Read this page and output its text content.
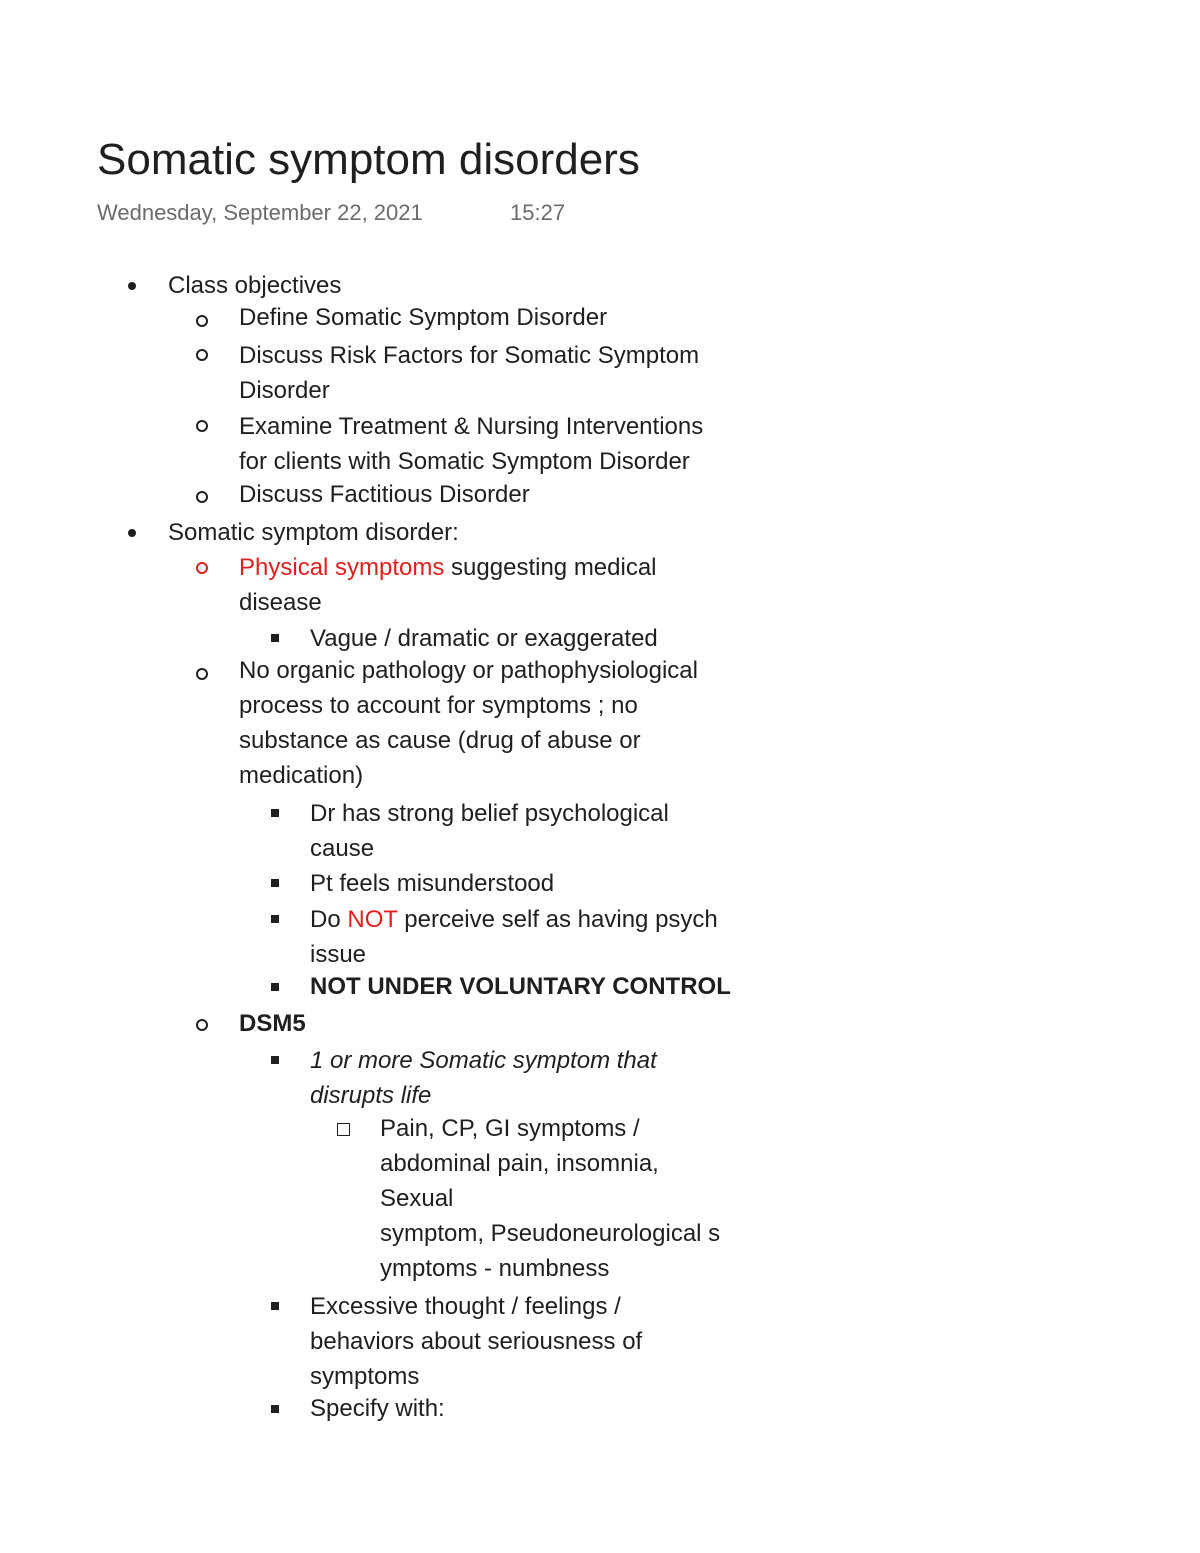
Somatic symptom disorders
Wednesday, September 22, 2021	15:27
Class objectives
Define Somatic Symptom Disorder
Discuss Risk Factors for Somatic Symptom
Disorder
Examine Treatment & Nursing Interventions
for clients with Somatic Symptom Disorder
Discuss Factitious Disorder
Somatic symptom disorder:
Physical symptoms suggesting medical
disease
Vague / dramatic or exaggerated
No organic pathology or pathophysiological
process to account for symptoms ; no
substance as cause (drug of abuse or
medication)
Dr has strong belief psychological
cause
Pt feels misunderstood
Do NOT perceive self as having psych
issue
NOT UNDER VOLUNTARY CONTROL
DSM5
1 or more Somatic symptom that
disrupts life
Pain, CP, GI symptoms /
abdominal pain, insomnia,
Sexual
symptom, Pseudoneurological s
ymptoms - numbness
Excessive thought / feelings /
behaviors about seriousness of
symptoms
Specify with:
